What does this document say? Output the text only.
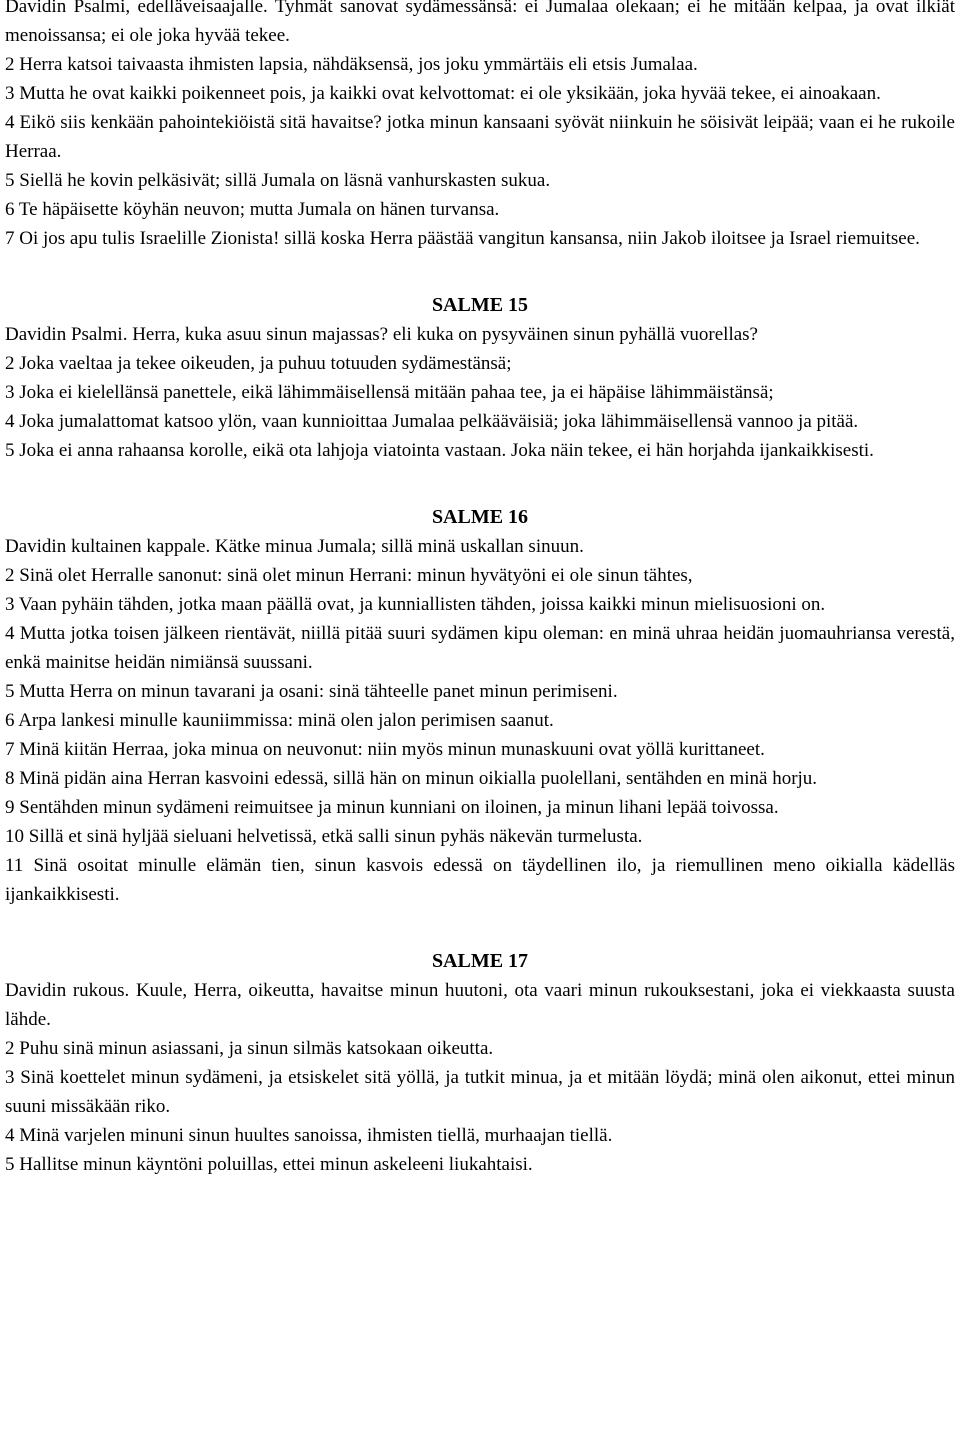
Davidin Psalmi, edelläveisaajalle. Tyhmät sanovat sydämessänsä: ei Jumalaa olekaan; ei he mitään kelpaa, ja ovat ilkiät menoissansa; ei ole joka hyvää tekee.

2 Herra katsoi taivaasta ihmisten lapsia, nähdäksensä, jos joku ymmärtäis eli etsis Jumalaa.

3 Mutta he ovat kaikki poikenneet pois, ja kaikki ovat kelvottomat: ei ole yksikään, joka hyvää tekee, ei ainoakaan.

4 Eikö siis kenkään pahointekiöistä sitä havaitse? jotka minun kansaani syövät niinkuin he söisivät leipää; vaan ei he rukoile Herraa.

5 Siellä he kovin pelkäsivät; sillä Jumala on läsnä vanhurskasten sukua.

6 Te häpäisette köyhän neuvon; mutta Jumala on hänen turvansa.

7 Oi jos apu tulis Israelille Zionista! sillä koska Herra päästää vangitun kansansa, niin Jakob iloitsee ja Israel riemuitsee.

SALME 15

Davidin Psalmi. Herra, kuka asuu sinun majassas? eli kuka on pysyväinen sinun pyhällä vuorellas?

2 Joka vaeltaa ja tekee oikeuden, ja puhuu totuuden sydämestänsä;

3 Joka ei kielellänsä panettele, eikä lähimmäisellensä mitään pahaa tee, ja ei häpäise lähimmäistänsä;

4 Joka jumalattomat katsoo ylön, vaan kunnioittaa Jumalaa pelkääväisiä; joka lähimmäisellensä vannoo ja pitää.

5 Joka ei anna rahaansa korolle, eikä ota lahjoja viatointa vastaan. Joka näin tekee, ei hän horjahda ijankaikkisesti.

SALME 16

Davidin kultainen kappale. Kätke minua Jumala; sillä minä uskallan sinuun.

2 Sinä olet Herralle sanonut: sinä olet minun Herrani: minun hyvätyöni ei ole sinun tähtes,

3 Vaan pyhäin tähden, jotka maan päällä ovat, ja kunniallisten tähden, joissa kaikki minun mielisuosioni on.

4 Mutta jotka toisen jälkeen rientävät, niillä pitää suuri sydämen kipu oleman: en minä uhraa heidän juomauhriansa verestä, enkä mainitse heidän nimiänsä suussani.

5 Mutta Herra on minun tavarani ja osani: sinä tähteelle panet minun perimiseni.

6 Arpa lankesi minulle kauniimmissa: minä olen jalon perimisen saanut.

7 Minä kiitän Herraa, joka minua on neuvonut: niin myös minun munaskuuni ovat yöllä kurittaneet.

8 Minä pidän aina Herran kasvoini edessä, sillä hän on minun oikialla puolellani, sentähden en minä horju.

9 Sentähden minun sydämeni reimuitsee ja minun kunniani on iloinen, ja minun lihani lepää toivossa.

10 Sillä et sinä hyljää sieluani helvetissä, etkä salli sinun pyhäs näkevän turmelusta.

11 Sinä osoitat minulle elämän tien, sinun kasvois edessä on täydellinen ilo, ja riemullinen meno oikialla kädelläs ijankaikkisesti.

SALME 17

Davidin rukous. Kuule, Herra, oikeutta, havaitse minun huutoni, ota vaari minun rukouksestani, joka ei viekkaasta suusta lähde.

2 Puhu sinä minun asiassani, ja sinun silmäs katsokaan oikeutta.

3 Sinä koettelet minun sydämeni, ja etsiskelet sitä yöllä, ja tutkit minua, ja et mitään löydä; minä olen aikonut, ettei minun suuni missäkään riko.

4 Minä varjelen minuni sinun huultes sanoissa, ihmisten tiellä, murhaajan tiellä.

5 Hallitse minun käyntöni poluillas, ettei minun askeleeni liukahtaisi.
